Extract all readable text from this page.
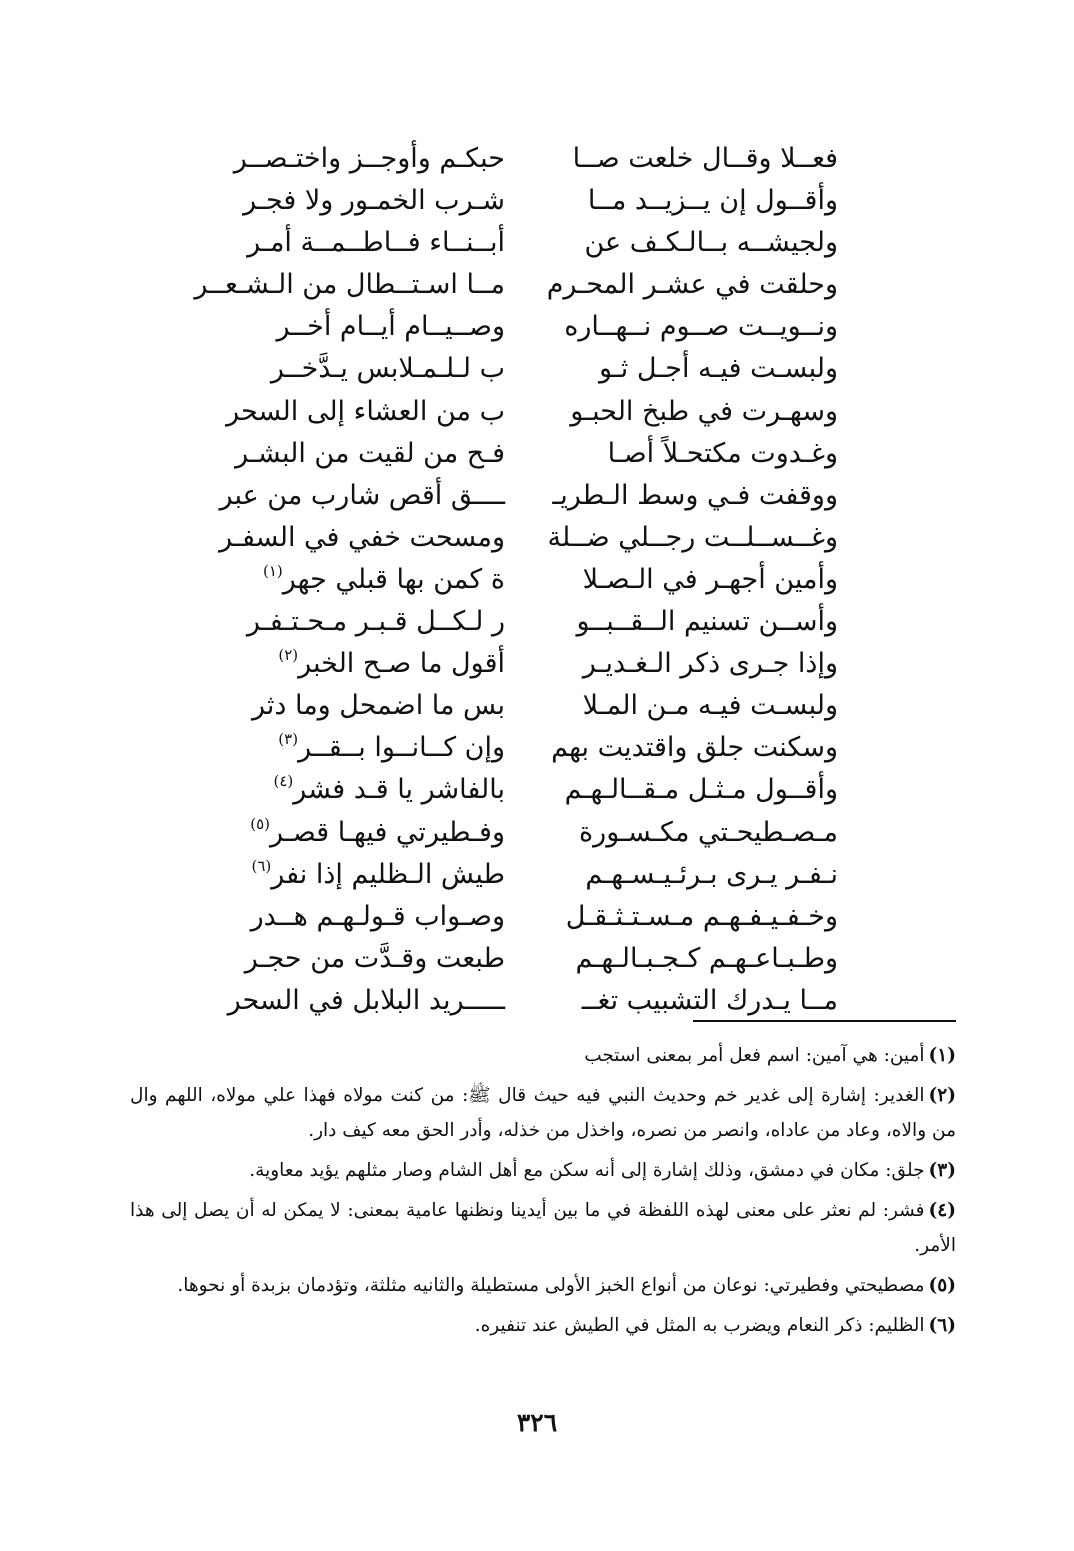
فعــلا وقــال خلعت صــا
حبكـم وأوجــز واختـصــر
وأقــول إن يــزيــد مــا
شـرب الخمـور ولا فجـر
ولجيشــه بــالـكـف عن
أبــنــاء فــاطــمــة أمـر
وحلقت في عشـر المحـرم
مــا اسـتــطال من الـشـعــر
ونــويــت صــوم نــهــاره
وصــيــام أيــام أخــر
ولبسـت فيـه أجـل ثـو
ب لـلـمـلابس يـدَّخــر
وسهـرت في طبخ الحبـو
ب من العشاء إلى السحر
وغـدوت مكتحـلاً أصـا
فـح من لقيت من البشـر
ووقفت فـي وسط الـطريـ
ــــق أقص شارب من عبر
وغــســلــت رجــلي ضــلة
ومسحت خفي في السفـر
وأمين أجهـر في الـصـلا
ة كمن بها قبلي جهر$^{(١)}$
وأســن تسنيم الــقــبــو
ر لـكــل قـبـر مـحـتـفـر
وإذا جـرى ذكر الـغـديـر
أقول ما صـح الخبر$^{(٢)}$
ولبسـت فيـه مـن المـلا
بس ما اضمحل وما دثر
وسكنت جلق واقتديت بهم
وإن كــانــوا بــقــر$^{(٣)}$
وأقــول مـثـل مـقــالـهـم
بالفاشر يا قـد فشر$^{(٤)}$
مـصـطيحـتي مكـسـورة
وفـطيرتي فيهـا قصـر$^{(٥)}$
نـفـر يـرى بـرئـيـسـهـم
طيش الـظليم إذا نفر$^{(٦)}$
وخـفـيـفـهـم مـسـتـثـقـل
وصـواب قـولـهـم هــدر
وطـبـاعـهـم كـجـبـالـهـم
طبعت وقـدَّت من حجـر
مــا يـدرك التشبيب تغــ
ـــــريد البلابل في السحر

(١)أمين: هي آمين: اسم فعل أمر بمعنى استجب

(٢)الغدير: إشارة إلى غدير خم وحديث النبي فيه حيث قال ﷺ: من كنت مولاه فهذا علي مولاه، اللهم وال من والاه، وعاد من عاداه، وانصر من نصره، واخذل من خذله، وأدر الحق معه كيف دار.

(٣)جلق: مكان في دمشق، وذلك إشارة إلى أنه سكن مع أهل الشام وصار مثلهم يؤيد معاوية.

(٤)فشر: لم نعثر على معنى لهذه اللفظة في ما بين أيدينا ونظنها عامية بمعنى: لا يمكن له أن يصل إلى هذا الأمر.

(٥)مصطيحتي وفطيرتي: نوعان من أنواع الخبز الأولى مستطيلة والثانيه مثلثة، وتؤدمان بزبدة أو نحوها.

(٦)الظليم: ذكر النعام ويضرب به المثل في الطيش عند تنفيره.

٣٢٦
